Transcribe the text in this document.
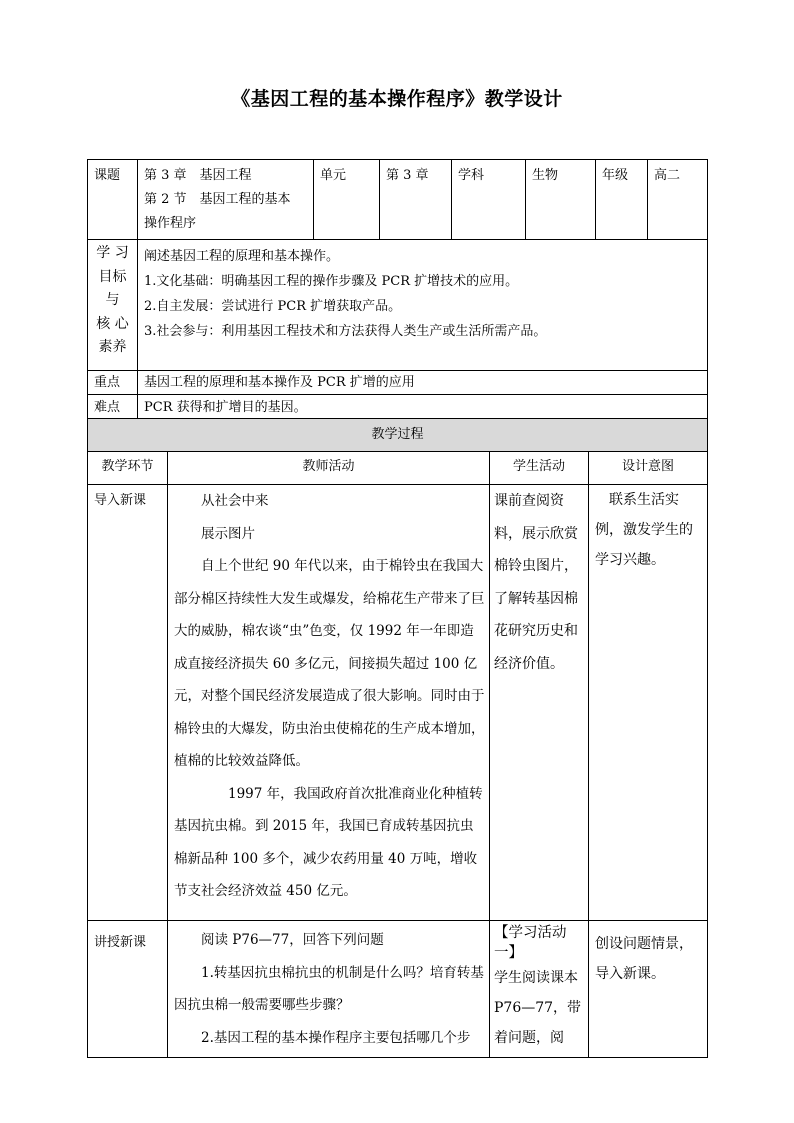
《基因工程的基本操作程序》教学设计
课题	第 3 章　基因工程
第 2 节　基因工程的基本
操作程序	单元	第 3 章	学科	生物	年级	高二

学 习
目标
与
核 心
素养	阐述基因工程的原理和基本操作。
1.文化基础：明确基因工程的操作步骤及 PCR 扩增技术的应用。
2.自主发展：尝试进行 PCR 扩增获取产品。
3.社会参与：利用基因工程技术和方法获得人类生产或生活所需产品。						

重点	基因工程的原理和基本操作及 PCR 扩增的应用						
难点	PCR 获得和扩增目的基因。						
教学过程			
教学环节	教师活动	学生活动	设计意图
导入新课	从社会中来
展示图片
自上个世纪 90 年代以来，由于棉铃虫在我国大部分棉区持续性大发生或爆发，给棉花生产带来了巨大的威胁，棉农谈“虫”色变，仅 1992 年一年即造成直接经济损失 60 多亿元，间接损失超过 100 亿元，对整个国民经济发展造成了很大影响。同时由于棉铃虫的大爆发，防虫治虫使棉花的生产成本增加，植棉的比较效益降低。
1997 年，我国政府首次批准商业化种植转基因抗虫棉。到 2015 年，我国已育成转基因抗虫棉新品种 100 多个，减少农药用量 40 万吨，增收节支社会经济效益 450 亿元。	课前查阅资料，展示欣赏棉铃虫图片，了解转基因棉花研究历史和经济价值。	联系生活实例，激发学生的学习兴趣。

讲授新课	阅读 P76—77，回答下列问题
1.转基因抗虫棉抗虫的机制是什么吗？培育转基因抗虫棉一般需要哪些步骤？
2.基因工程的基本操作程序主要包括哪几个步	【学习活动一】
学生阅读课本 P76—77，带着问题，阅	创设问题情景，导入新课。
